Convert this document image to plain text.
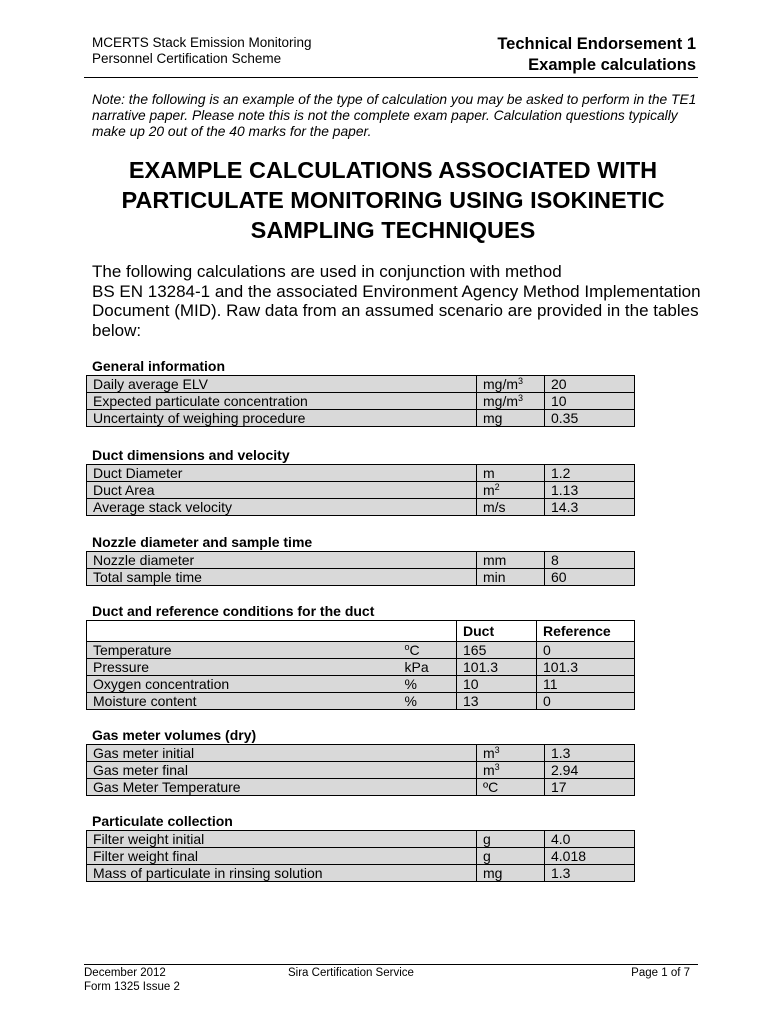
MCERTS Stack Emission Monitoring
Personnel Certification Scheme
Technical Endorsement 1
Example calculations
Note: the following is an example of the type of calculation you may be asked to perform in the TE1 narrative paper. Please note this is not the complete exam paper. Calculation questions typically make up 20 out of the 40 marks for the paper.
EXAMPLE CALCULATIONS ASSOCIATED WITH PARTICULATE MONITORING USING ISOKINETIC SAMPLING TECHNIQUES
The following calculations are used in conjunction with method
BS EN 13284-1 and the associated Environment Agency Method Implementation Document (MID). Raw data from an assumed scenario are provided in the tables below:
General information
Daily average ELV	$mg/m^3$	20
Expected particulate concentration	$mg/m^3$	10
Uncertainty of weighing procedure	mg	0.35
Duct dimensions and velocity
Duct Diameter	m	1.2
Duct Area	$m^2$	1.13
Average stack velocity	m/s	14.3
Nozzle diameter and sample time
Nozzle diameter	mm	8
Total sample time	min	60
Duct and reference conditions for the duct
		Duct	Reference
Temperature	$^o$C	165	0
Pressure	kPa	101.3	101.3
Oxygen concentration	%	10	11
Moisture content	%	13	0
Gas meter volumes (dry)
Gas meter initial	$m^3$	1.3
Gas meter final	$m^3$	2.94
Gas Meter Temperature	ºC	17
Particulate collection
Filter weight initial	g	4.0
Filter weight final	g	4.018
Mass of particulate in rinsing solution	mg	1.3
December 2012
Form 1325 Issue 2
Sira Certification Service	Page 1 of 7
